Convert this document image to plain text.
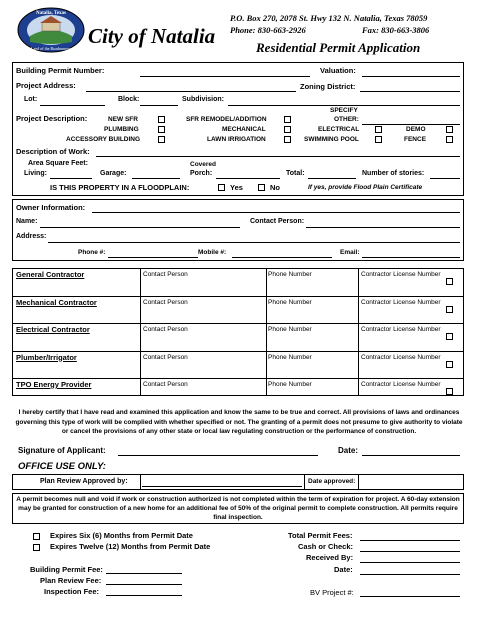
Natalia, Texas
Land of the Roadrunners
City of Natalia
P.O. Box 270, 2078 St. Hwy 132 N. Natalia, Texas 78059
Phone: 830-663-2926	Fax: 830-663-3806
Residential Permit Application
Building Permit Number:	Valuation:
Project Address:	Zoning District:
Lot:	Block:	Subdivision:
Project Description:
SPECIFY
NEW SFR	SFR REMODEL/ADDITION	OTHER:
PLUMBING	MECHANICAL	ELECTRICAL	DEMO
ACCESSORY BUILDING	LAWN IRRIGATION	SWIMMING POOL	FENCE
Description of Work:
Area Square Feet:	Covered
Living:	Garage:	Porch:	Total:	Number of stories:
IS THIS PROPERTY IN A FLOODPLAIN:	Yes	No	If yes, provide Flood Plain Certificate
Owner Information:
Name:	Contact Person:
Address:
Phone #:	Mobile #:	Email:
General Contractor	Contact Person	Phone Number	Contractor License Number
Mechanical Contractor	Contact Person	Phone Number	Contractor License Number
Electrical Contractor	Contact Person	Phone Number	Contractor License Number
Plumber/Irrigator	Contact Person	Phone Number	Contractor License Number
TPO Energy Provider	Contact Person	Phone Number	Contractor License Number
I hereby certify that I have read and examined this application and know the same to be true and correct. All provisions of laws and ordinances governing this type of work will be complied with whether specified or not. The granting of a permit does not presume to give authority to violate or cancel the provisions of any other state or local law regulating construction or the performance of construction.
Signature of Applicant:	Date:
OFFICE USE ONLY:
Plan Review Approved by:	Date approved:
A permit becomes null and void if work or construction authorized is not completed within the term of expiration for project. A 60-day extension may be granted for construction of a new home for an additional fee of 50% of the original permit to complete construction. All permits require final inspection.
Expires Six (6) Months from Permit Date
Expires Twelve (12) Months from Permit Date
Total Permit Fees:
Cash or Check:
Received By:
Date:
Building Permit Fee:
Plan Review Fee:
Inspection Fee:	BV Project #:
